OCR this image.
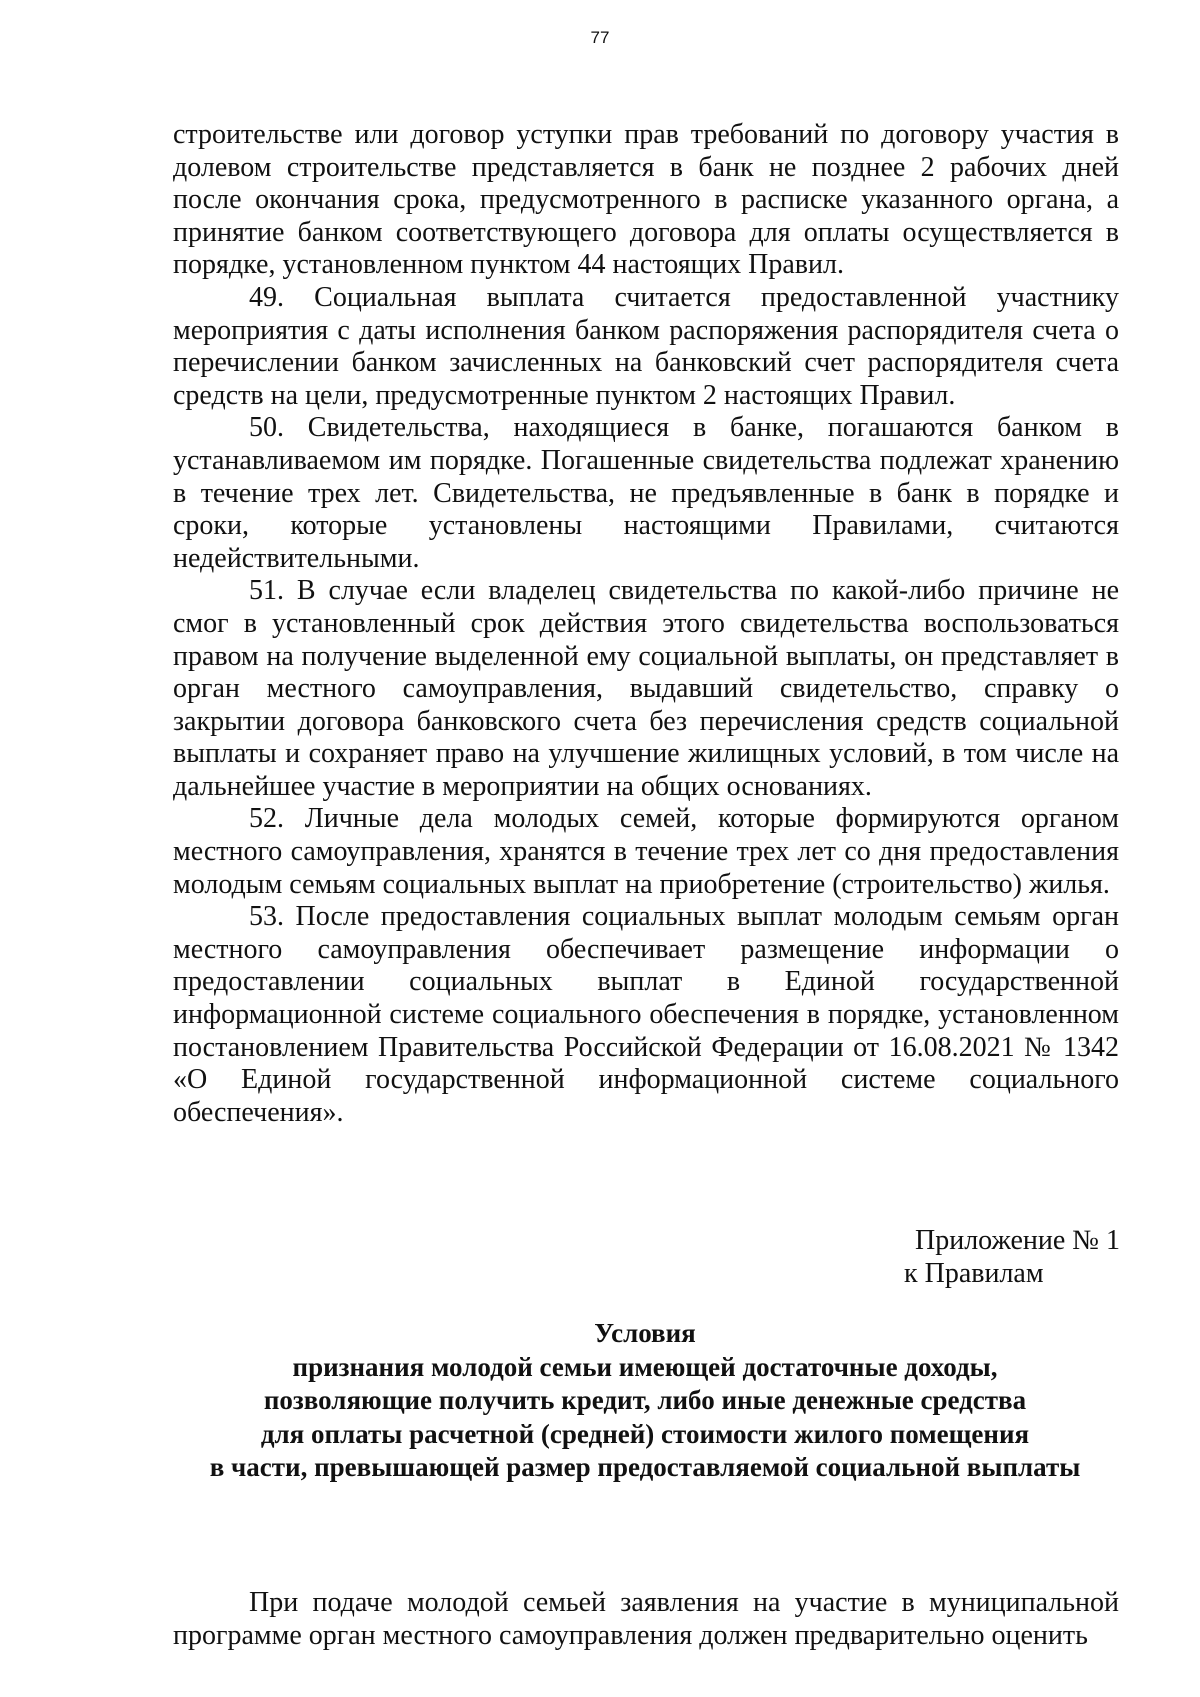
77

строительстве или договор уступки прав требований по договору участия в долевом строительстве представляется в банк не позднее 2 рабочих дней после окончания срока, предусмотренного в расписке указанного органа, а принятие банком соответствующего договора для оплаты осуществляется в порядке, установленном пунктом 44 настоящих Правил.

49. Социальная выплата считается предоставленной участнику мероприятия с даты исполнения банком распоряжения распорядителя счета о перечислении банком зачисленных на банковский счет распорядителя счета средств на цели, предусмотренные пунктом 2 настоящих Правил.

50. Свидетельства, находящиеся в банке, погашаются банком в устанавливаемом им порядке. Погашенные свидетельства подлежат хранению в течение трех лет. Свидетельства, не предъявленные в банк в порядке и сроки, которые установлены настоящими Правилами, считаются недействительными.

51. В случае если владелец свидетельства по какой-либо причине не смог в установленный срок действия этого свидетельства воспользоваться правом на получение выделенной ему социальной выплаты, он представляет в орган местного самоуправления, выдавший свидетельство, справку о закрытии договора банковского счета без перечисления средств социальной выплаты и сохраняет право на улучшение жилищных условий, в том числе на дальнейшее участие в мероприятии на общих основаниях.

52. Личные дела молодых семей, которые формируются органом местного самоуправления, хранятся в течение трех лет со дня предоставления молодым семьям социальных выплат на приобретение (строительство) жилья.

53. После предоставления социальных выплат молодым семьям орган местного самоуправления обеспечивает размещение информации о предоставлении социальных выплат в Единой государственной информационной системе социального обеспечения в порядке, установленном постановлением Правительства Российской Федерации от 16.08.2021 № 1342 «О Единой государственной информационной системе социального обеспечения».

Приложение № 1
к Правилам
Условия
признания молодой семьи имеющей достаточные доходы,
позволяющие получить кредит, либо иные денежные средства
для оплаты расчетной (средней) стоимости жилого помещения
в части, превышающей размер предоставляемой социальной выплаты

При подаче молодой семьей заявления на участие в муниципальной программе орган местного самоуправления должен предварительно оценить
